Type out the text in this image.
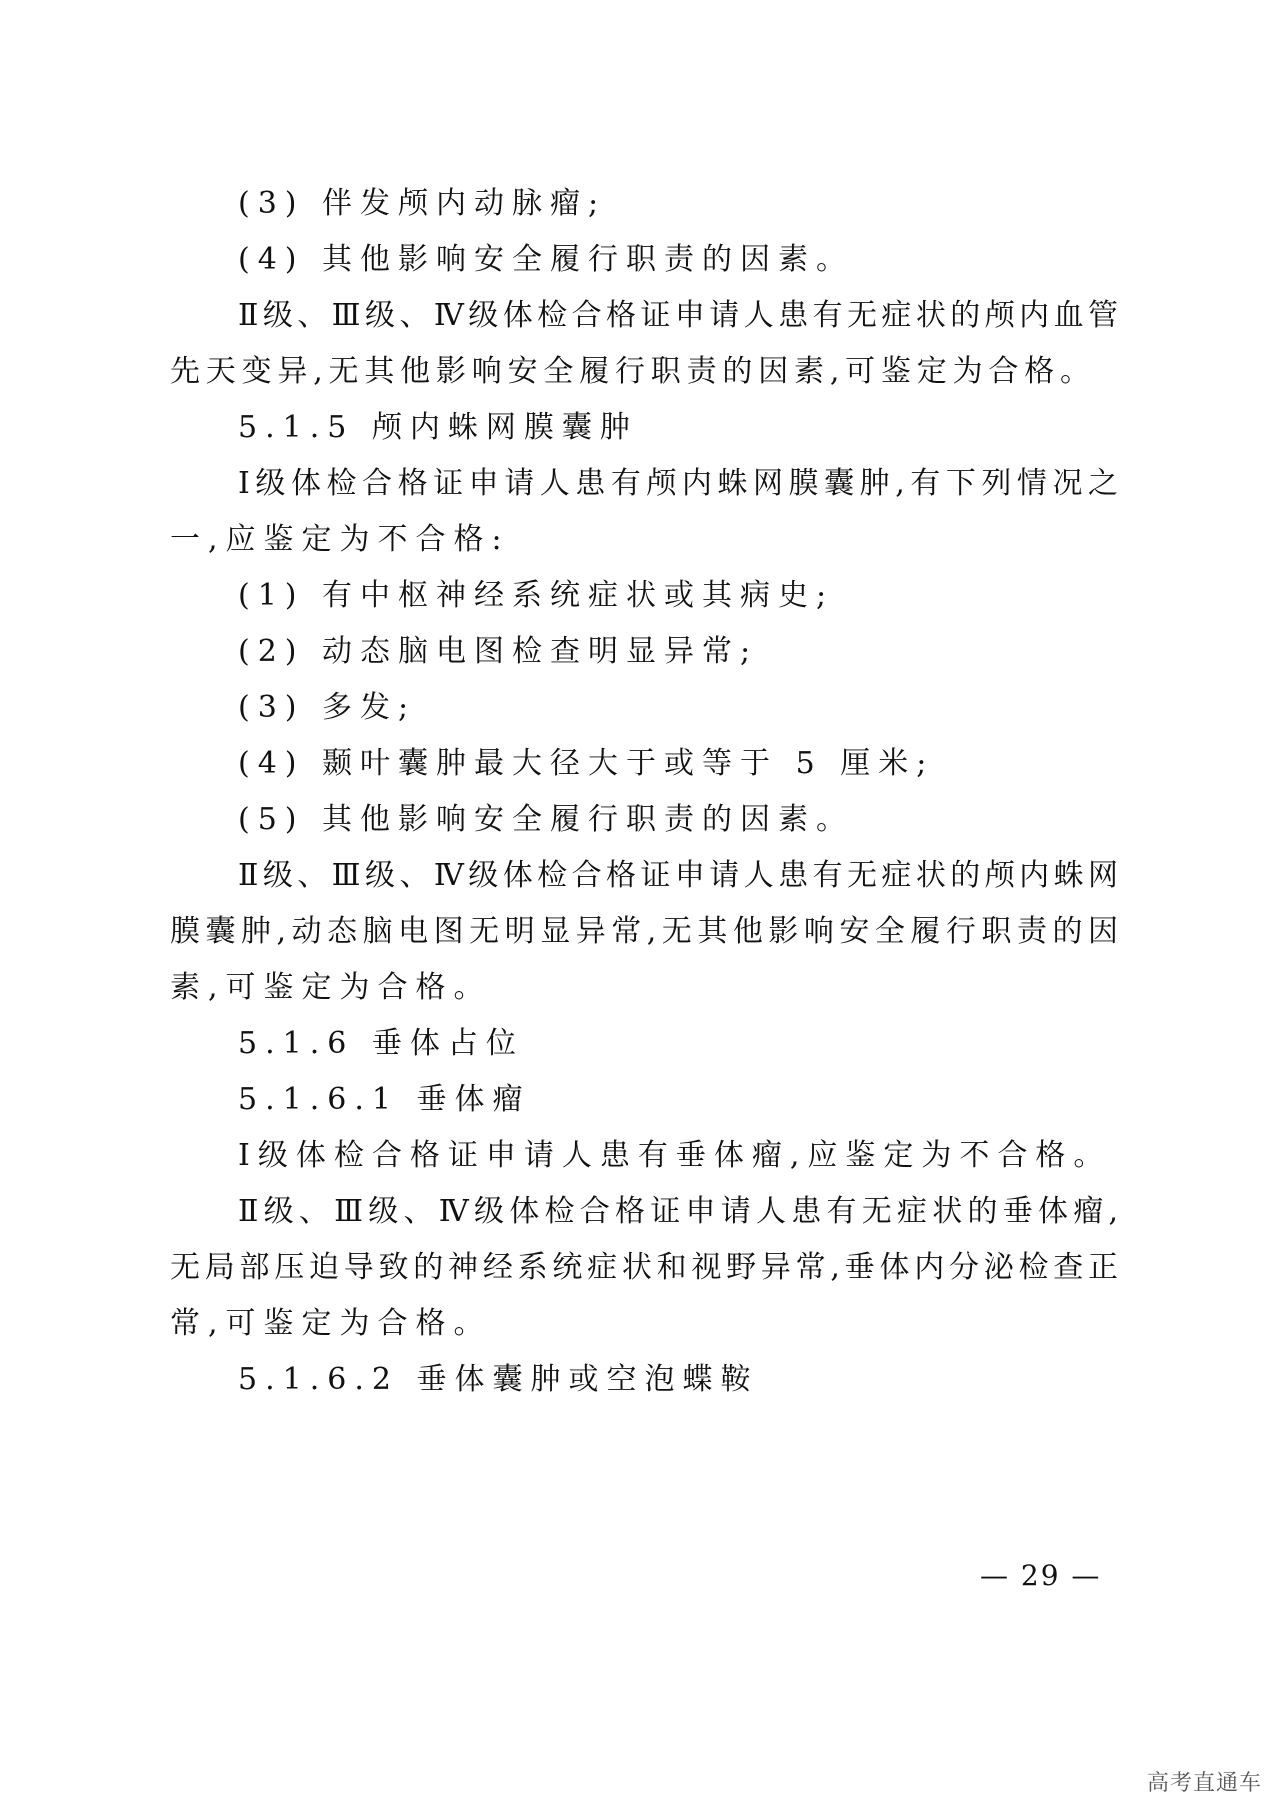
(3) 伴发颅内动脉瘤;
(4) 其他影响安全履行职责的因素。
Ⅱ级、Ⅲ级、Ⅳ级体检合格证申请人患有无症状的颅内血管
先天变异,无其他影响安全履行职责的因素,可鉴定为合格。
5.1.5 颅内蛛网膜囊肿
Ⅰ级体检合格证申请人患有颅内蛛网膜囊肿,有下列情况之
一,应鉴定为不合格:
(1) 有中枢神经系统症状或其病史;
(2) 动态脑电图检查明显异常;
(3) 多发;
(4) 颞叶囊肿最大径大于或等于 5 厘米;
(5) 其他影响安全履行职责的因素。
Ⅱ级、Ⅲ级、Ⅳ级体检合格证申请人患有无症状的颅内蛛网
膜囊肿,动态脑电图无明显异常,无其他影响安全履行职责的因
素,可鉴定为合格。
5.1.6 垂体占位
5.1.6.1 垂体瘤
Ⅰ级体检合格证申请人患有垂体瘤,应鉴定为不合格。
Ⅱ级、Ⅲ级、Ⅳ级体检合格证申请人患有无症状的垂体瘤,
无局部压迫导致的神经系统症状和视野异常,垂体内分泌检查正
常,可鉴定为合格。
5.1.6.2 垂体囊肿或空泡蝶鞍
— 29 —
高考直通车
